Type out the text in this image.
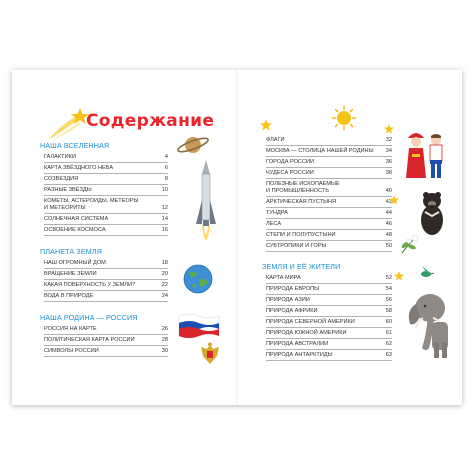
Содержание
НАША ВСЕЛЕННАЯ
ГАЛАКТИКИ	4
КАРТА ЗВЁЗДНОГО НЕБА	6
СОЗВЕЗДИЯ	8
РАЗНЫЕ ЗВЁЗДЫ	10
КОМЕТЫ, АСТЕРОИДЫ, МЕТЕОРЫ
И МЕТЕОРИТЫ	12
СОЛНЕЧНАЯ СИСТЕМА	14
ОСВОЕНИЕ КОСМОСА	16
ПЛАНЕТА ЗЕМЛЯ
НАШ ОГРОМНЫЙ ДОМ	18
ВРАЩЕНИЕ ЗЕМЛИ	20
КАКАЯ ПОВЕРХНОСТЬ У ЗЕМЛИ?	22
ВОДА В ПРИРОДЕ	24
НАША РОДИНА — РОССИЯ
РОССИЯ НА КАРТЕ	26
ПОЛИТИЧЕСКАЯ КАРТА РОССИИ	28
СИМВОЛЫ РОССИИ	30
ФЛАГИ	32
МОСКВА — СТОЛИЦА НАШЕЙ РОДИНЫ 34
ГОРОДА РОССИИ	36
ЧУДЕСА РОССИИ	38
ПОЛЕЗНЫЕ ИСКОПАЕМЫЕ
И ПРОМЫШЛЕННОСТЬ	40
АРКТИЧЕСКАЯ ПУСТЫНЯ	42
ТУНДРА	44
ЛЕСА	46
СТЕПИ И ПОЛУПУСТЫНИ	48
СУБТРОПИКИ И ГОРЫ	50
ЗЕМЛЯ И ЕЁ ЖИТЕЛИ
КАРТА МИРА	52
ПРИРОДА ЕВРОПЫ	54
ПРИРОДА АЗИИ	56
ПРИРОДА АФРИКИ	58
ПРИРОДА СЕВЕРНОЙ АМЕРИКИ	60
ПРИРОДА ЮЖНОЙ АМЕРИКИ	61
ПРИРОДА АВСТРАЛИИ	62
ПРИРОДА АНТАРКТИДЫ	63
